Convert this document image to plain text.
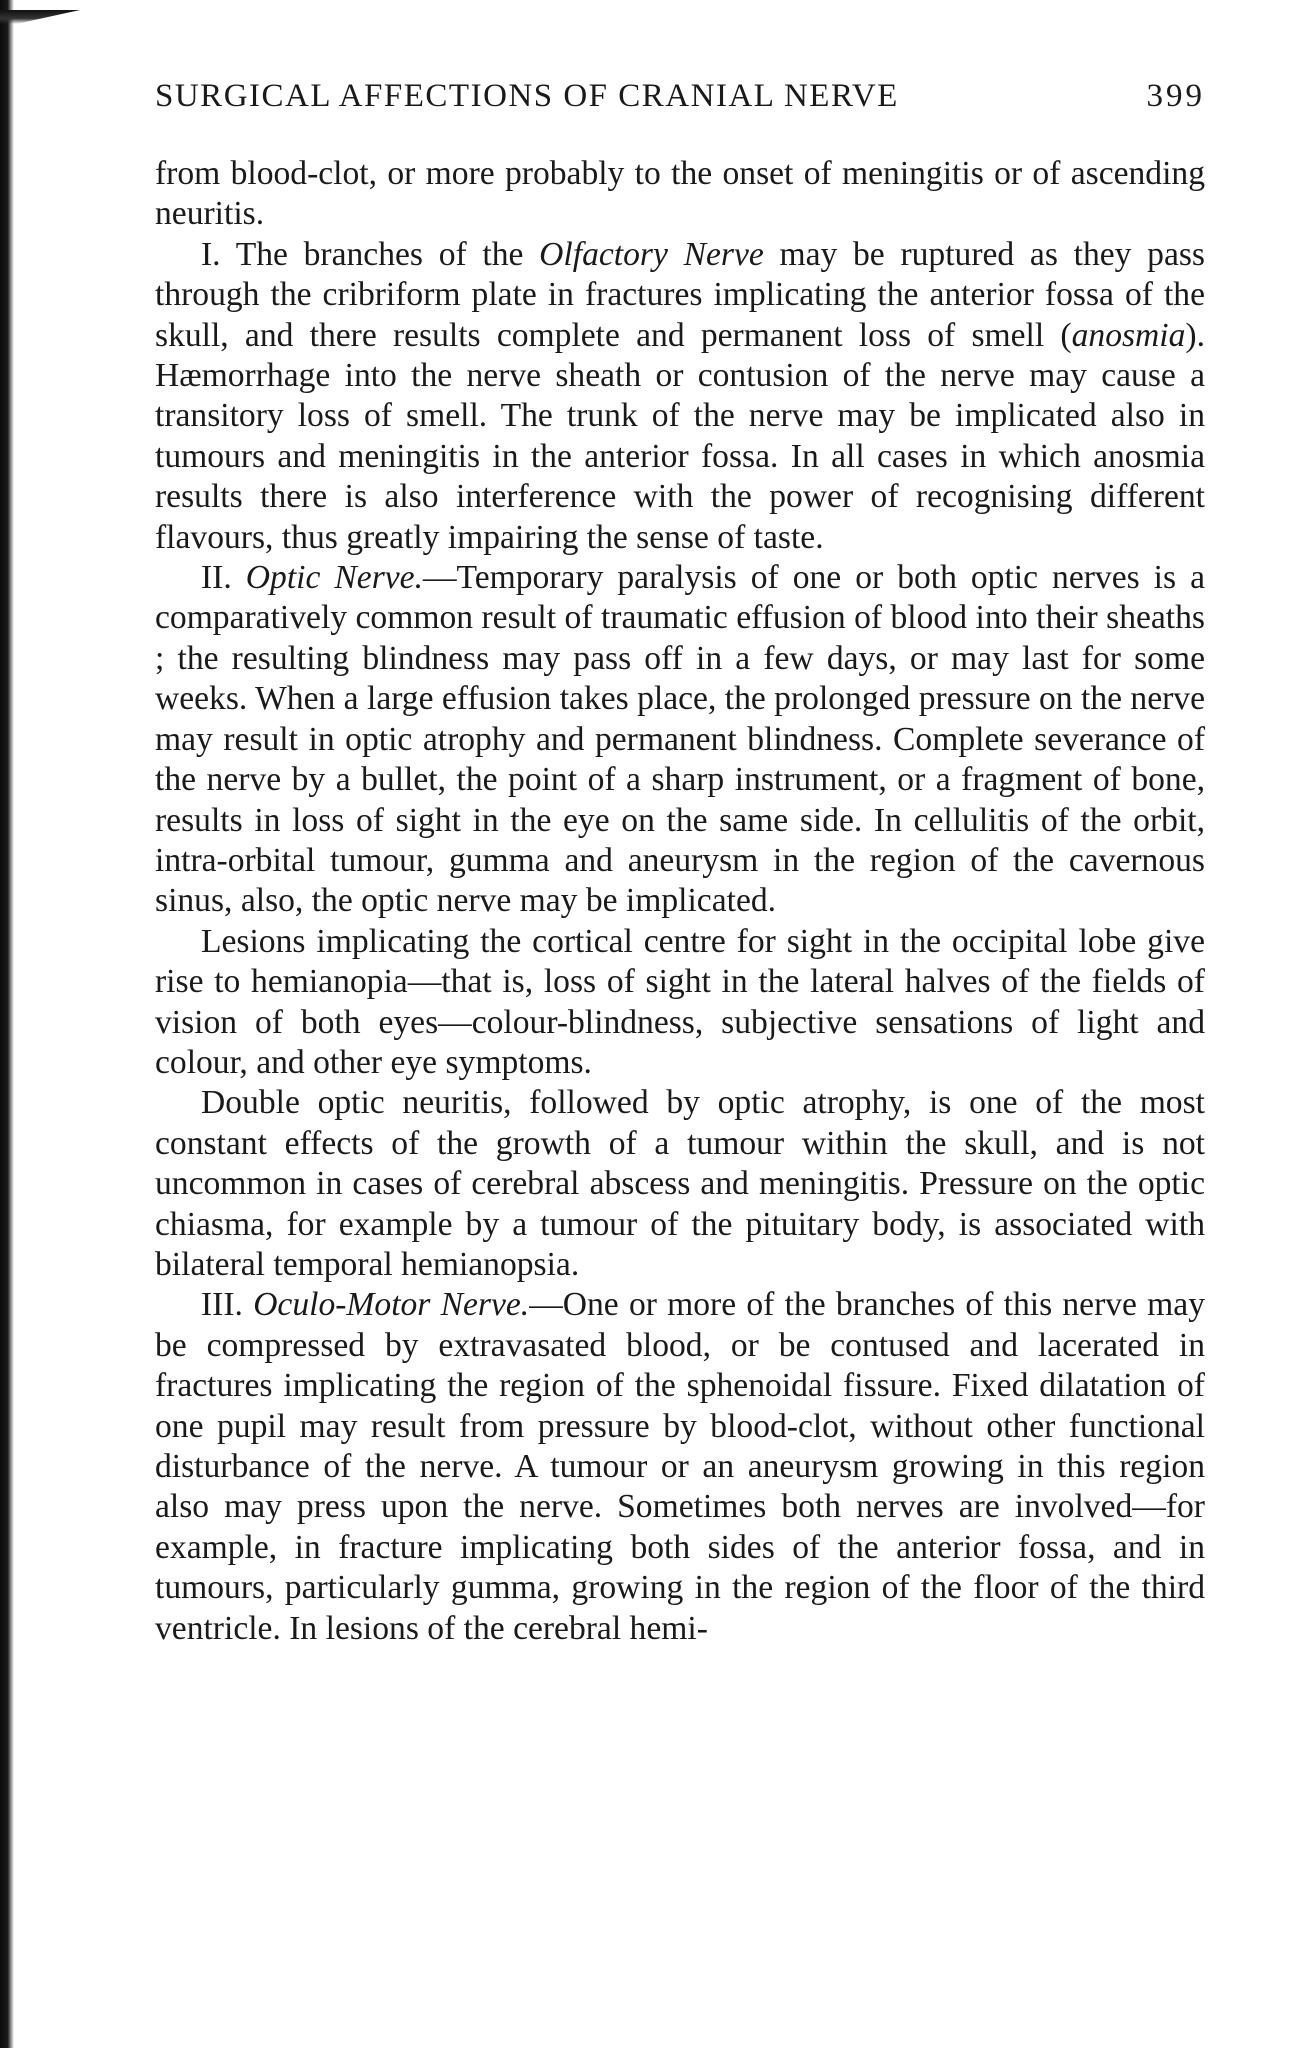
SURGICAL AFFECTIONS OF CRANIAL NERVE	399

from blood-clot, or more probably to the onset of meningitis or of ascending neuritis.

I. The branches of the Olfactory Nerve may be ruptured as they pass through the cribriform plate in fractures implicating the anterior fossa of the skull, and there results complete and permanent loss of smell (anosmia). Hæmorrhage into the nerve sheath or contusion of the nerve may cause a transitory loss of smell. The trunk of the nerve may be implicated also in tumours and meningitis in the anterior fossa. In all cases in which anosmia results there is also interference with the power of recognising different flavours, thus greatly impairing the sense of taste.

II. Optic Nerve.—Temporary paralysis of one or both optic nerves is a comparatively common result of traumatic effusion of blood into their sheaths ; the resulting blindness may pass off in a few days, or may last for some weeks. When a large effusion takes place, the prolonged pressure on the nerve may result in optic atrophy and permanent blindness. Complete severance of the nerve by a bullet, the point of a sharp instrument, or a fragment of bone, results in loss of sight in the eye on the same side. In cellulitis of the orbit, intra-orbital tumour, gumma and aneurysm in the region of the cavernous sinus, also, the optic nerve may be implicated.

Lesions implicating the cortical centre for sight in the occipital lobe give rise to hemianopia—that is, loss of sight in the lateral halves of the fields of vision of both eyes—colour-blindness, subjective sensations of light and colour, and other eye symptoms.

Double optic neuritis, followed by optic atrophy, is one of the most constant effects of the growth of a tumour within the skull, and is not uncommon in cases of cerebral abscess and meningitis. Pressure on the optic chiasma, for example by a tumour of the pituitary body, is associated with bilateral temporal hemianopsia.

III. Oculo-Motor Nerve.—One or more of the branches of this nerve may be compressed by extravasated blood, or be contused and lacerated in fractures implicating the region of the sphenoidal fissure. Fixed dilatation of one pupil may result from pressure by blood-clot, without other functional disturbance of the nerve. A tumour or an aneurysm growing in this region also may press upon the nerve. Sometimes both nerves are involved—for example, in fracture implicating both sides of the anterior fossa, and in tumours, particularly gumma, growing in the region of the floor of the third ventricle. In lesions of the cerebral hemi-
